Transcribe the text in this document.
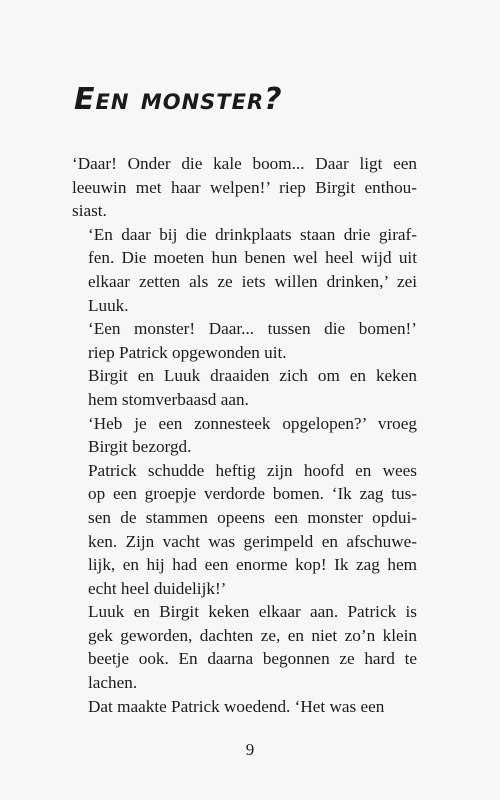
Een monster?

‘Daar! Onder die kale boom... Daar ligt een
leeuwin met haar welpen!’ riep Birgit enthou-
siast.

‘En daar bij die drinkplaats staan drie giraf-
fen. Die moeten hun benen wel heel wijd uit
elkaar zetten als ze iets willen drinken,’ zei
Luuk.

‘Een monster! Daar... tussen die bomen!’
riep Patrick opgewonden uit.

Birgit en Luuk draaiden zich om en keken
hem stomverbaasd aan.

‘Heb je een zonnesteek opgelopen?’ vroeg
Birgit bezorgd.

Patrick schudde heftig zijn hoofd en wees
op een groepje verdorde bomen. ‘Ik zag tus-
sen de stammen opeens een monster opdui-
ken. Zijn vacht was gerimpeld en afschuwe-
lijk, en hij had een enorme kop! Ik zag hem
echt heel duidelijk!’

Luuk en Birgit keken elkaar aan. Patrick is
gek geworden, dachten ze, en niet zo’n klein
beetje ook. En daarna begonnen ze hard te
lachen.

Dat maakte Patrick woedend. ‘Het was een

9
